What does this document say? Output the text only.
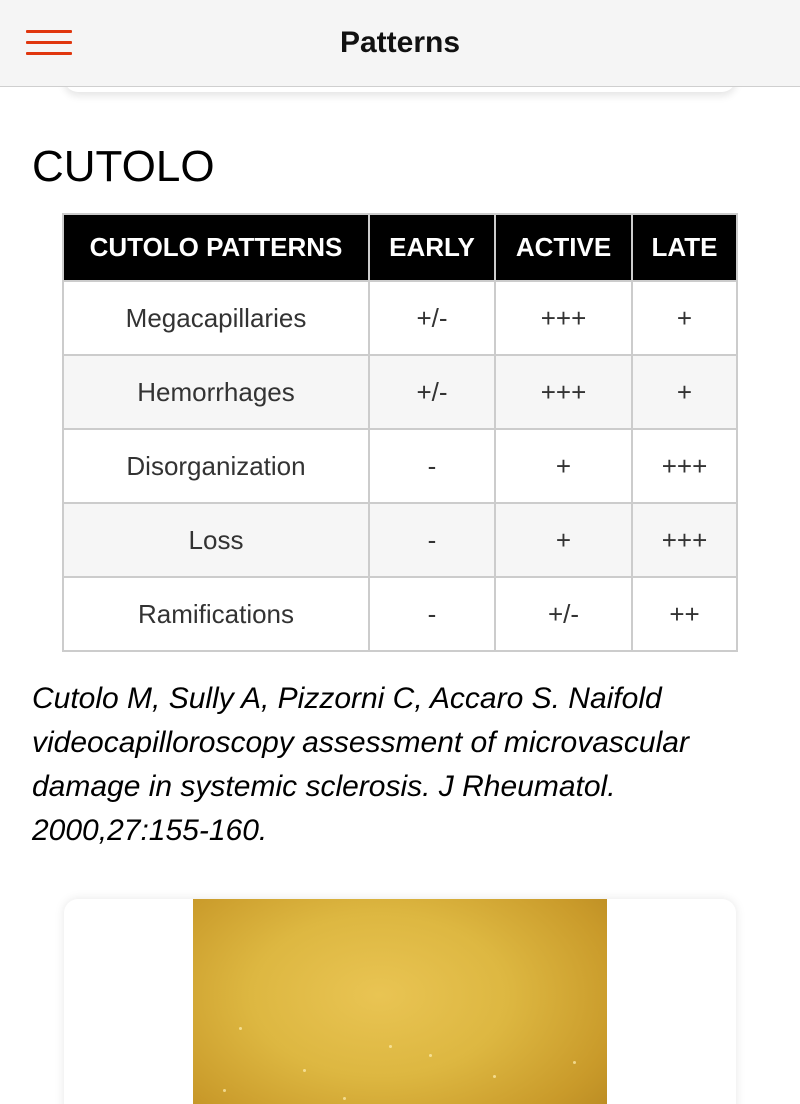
Patterns
CUTOLO
CUTOLO PATTERNS	EARLY	ACTIVE	LATE
Megacapillaries	+/-	+++	+
Hemorrhages	+/-	+++	+
Disorganization	-	+	+++
Loss	-	+	+++
Ramifications	-	+/-	++

Cutolo M, Sully A, Pizzorni C, Accaro S. Naifold videocapilloroscopy assessment of microvascular damage in systemic sclerosis. J Rheumatol. 2000,27:155-160.
